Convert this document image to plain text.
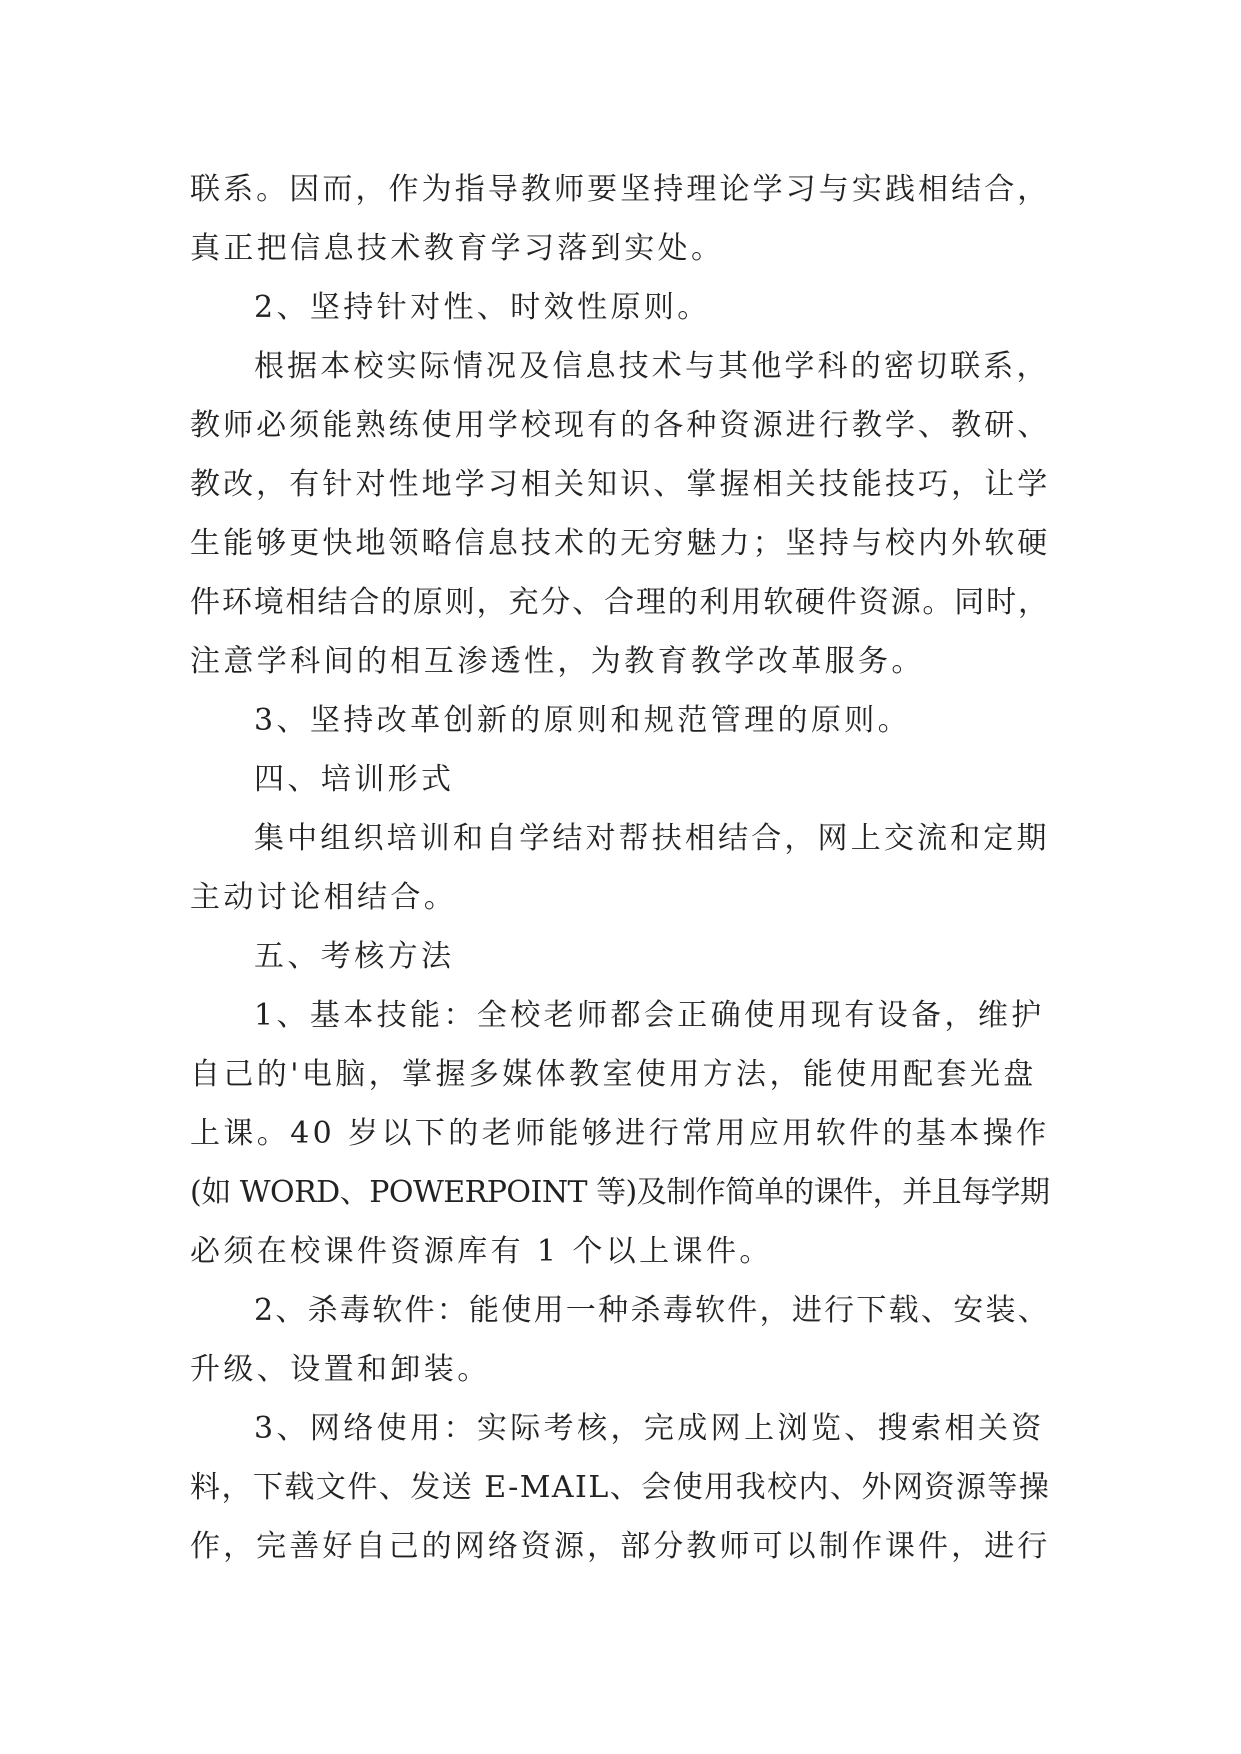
联系。因而，作为指导教师要坚持理论学习与实践相结合，
真正把信息技术教育学习落到实处。
2、坚持针对性、时效性原则。
根据本校实际情况及信息技术与其他学科的密切联系，
教师必须能熟练使用学校现有的各种资源进行教学、教研、
教改，有针对性地学习相关知识、掌握相关技能技巧，让学
生能够更快地领略信息技术的无穷魅力；坚持与校内外软硬
件环境相结合的原则，充分、合理的利用软硬件资源。同时，
注意学科间的相互渗透性，为教育教学改革服务。
3、坚持改革创新的原则和规范管理的原则。
四、培训形式
集中组织培训和自学结对帮扶相结合，网上交流和定期
主动讨论相结合。
五、考核方法
1、基本技能：全校老师都会正确使用现有设备，维护
自己的'电脑，掌握多媒体教室使用方法，能使用配套光盘
上课。40 岁以下的老师能够进行常用应用软件的基本操作
(如 WORD、POWERPOINT 等)及制作简单的课件，并且每学期
必须在校课件资源库有 1 个以上课件。
2、杀毒软件：能使用一种杀毒软件，进行下载、安装、
升级、设置和卸装。
3、网络使用：实际考核，完成网上浏览、搜索相关资
料，下载文件、发送 E-MAIL、会使用我校内、外网资源等操
作，完善好自己的网络资源，部分教师可以制作课件，进行
